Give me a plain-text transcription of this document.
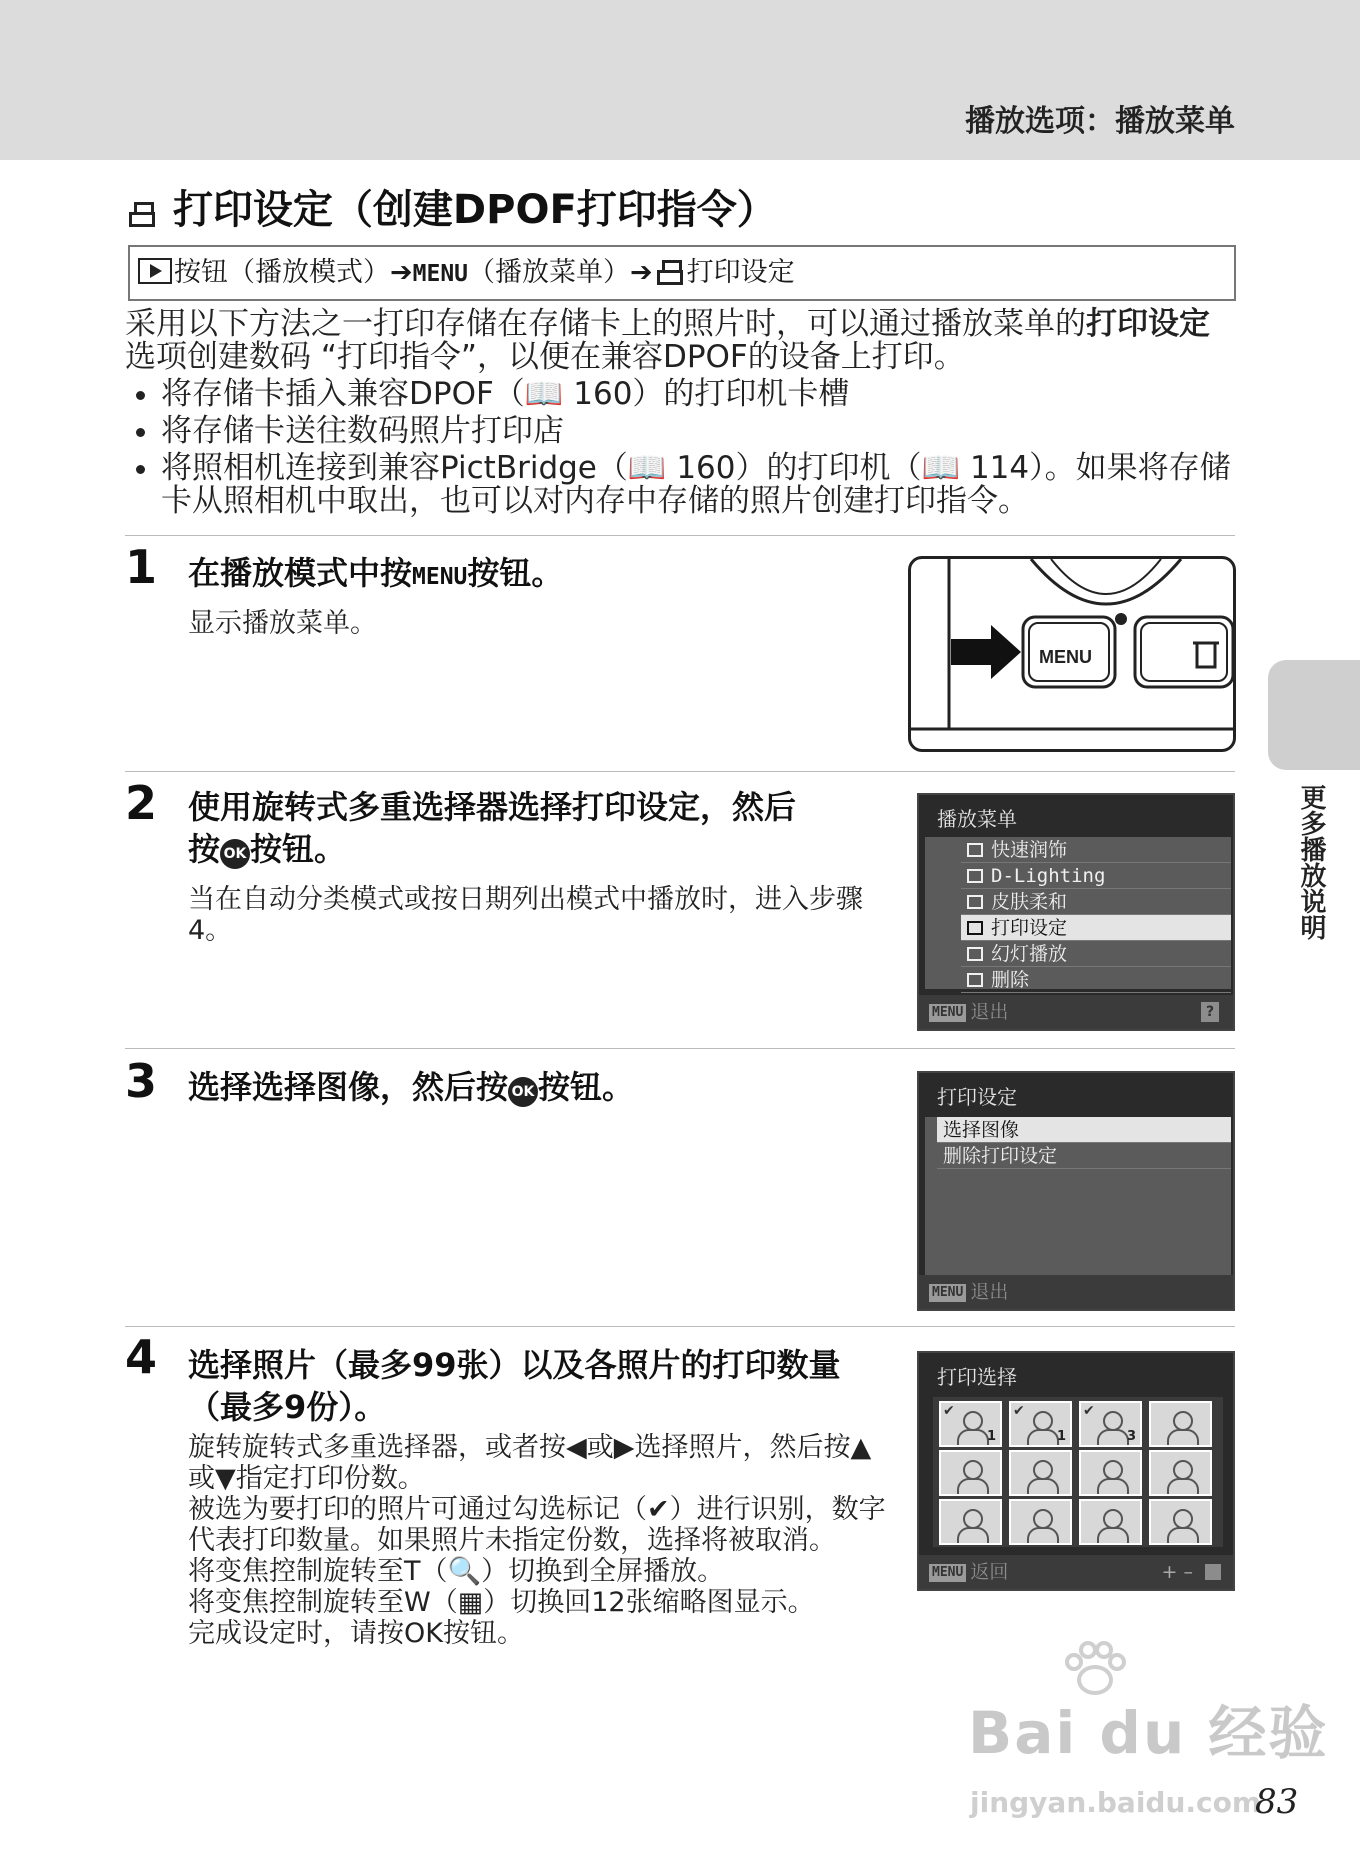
播放选项：播放菜单
打印设定（创建DPOF打印指令）
按钮（播放模式）➔MENU（播放菜单）➔ 打印设定
采用以下方法之一打印存储在存储卡上的照片时，可以通过播放菜单的打印设定选项创建数码 “打印指令”，以便在兼容DPOF的设备上打印。
• 将存储卡插入兼容DPOF（📖 160）的打印机卡槽
• 将存储卡送往数码照片打印店
• 将照相机连接到兼容PictBridge（📖 160）的打印机（📖 114）。如果将存储卡从照相机中取出，也可以对内存中存储的照片创建打印指令。
1 在播放模式中按MENU按钮。
显示播放菜单。
MENU
2 使用旋转式多重选择器选择打印设定，然后
按 OK 按钮。
当在自动分类模式或按日期列出模式中播放时，进入步骤4。
播放菜单
快速润饰
D-Lighting
皮肤柔和
打印设定
幻灯播放
删除
MENU 退出	?
3 选择选择图像，然后按 OK 按钮。	打印设定
选择图像
删除打印设定
MENU 退出
4 选择照片（最多99张）以及各照片的打印数量（最多9份）。
旋转旋转式多重选择器，或者按◀或▶选择照片，然后按▲或▼指定打印份数。
被选为要打印的照片可通过勾选标记（✔）进行识别，数字代表打印数量。如果照片未指定份数，选择将被取消。
将变焦控制旋转至T（🔍）切换到全屏播放。
将变焦控制旋转至W（▦）切换回12张缩略图显示。
完成设定时，请按OK按钮。
打印选择
✔
1
✔
1
✔
3
MENU 返回	+ –
更多播放说明
Bai du 经验
jingyan.baidu.com
83
